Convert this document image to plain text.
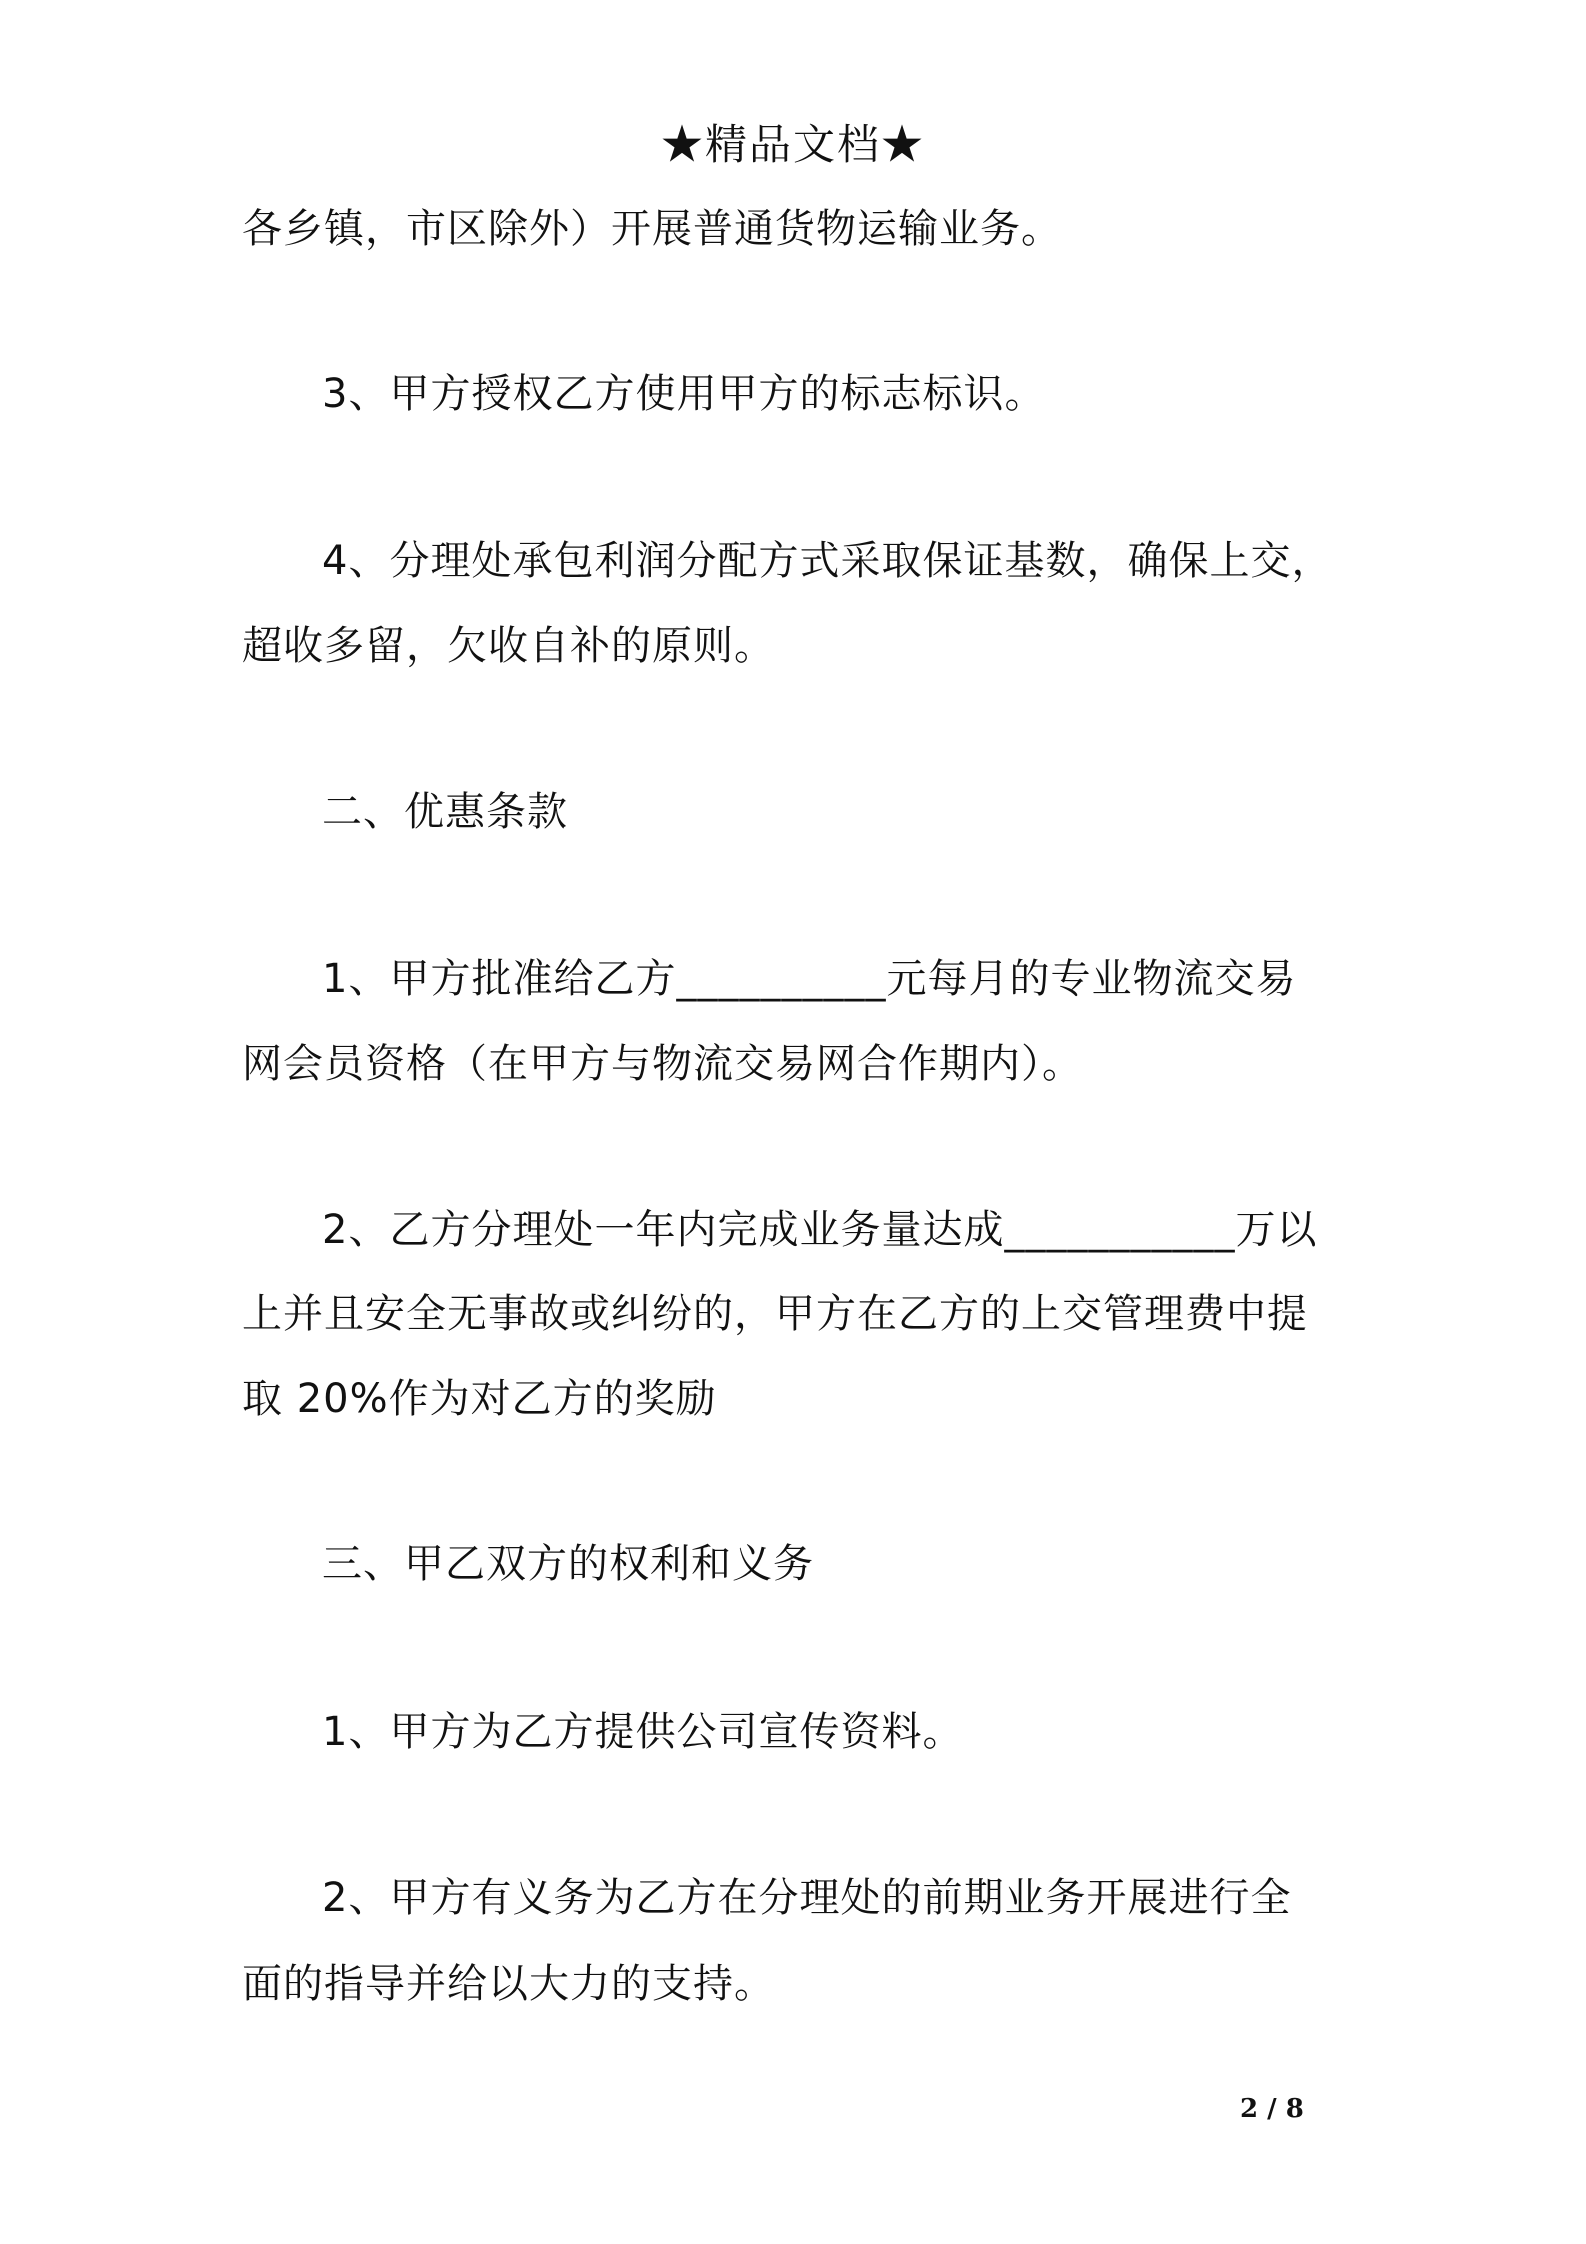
★精品文档★
各乡镇，市区除外）开展普通货物运输业务。
3、甲方授权乙方使用甲方的标志标识。
4、分理处承包利润分配方式采取保证基数，确保上交，
超收多留，欠收自补的原则。
二、优惠条款
1、甲方批准给乙方__________元每月的专业物流交易
网会员资格（在甲方与物流交易网合作期内）。
2、乙方分理处一年内完成业务量达成___________万以
上并且安全无事故或纠纷的，甲方在乙方的上交管理费中提
取 20%作为对乙方的奖励
三、甲乙双方的权利和义务
1、甲方为乙方提供公司宣传资料。
2、甲方有义务为乙方在分理处的前期业务开展进行全
面的指导并给以大力的支持。
2 / 8
